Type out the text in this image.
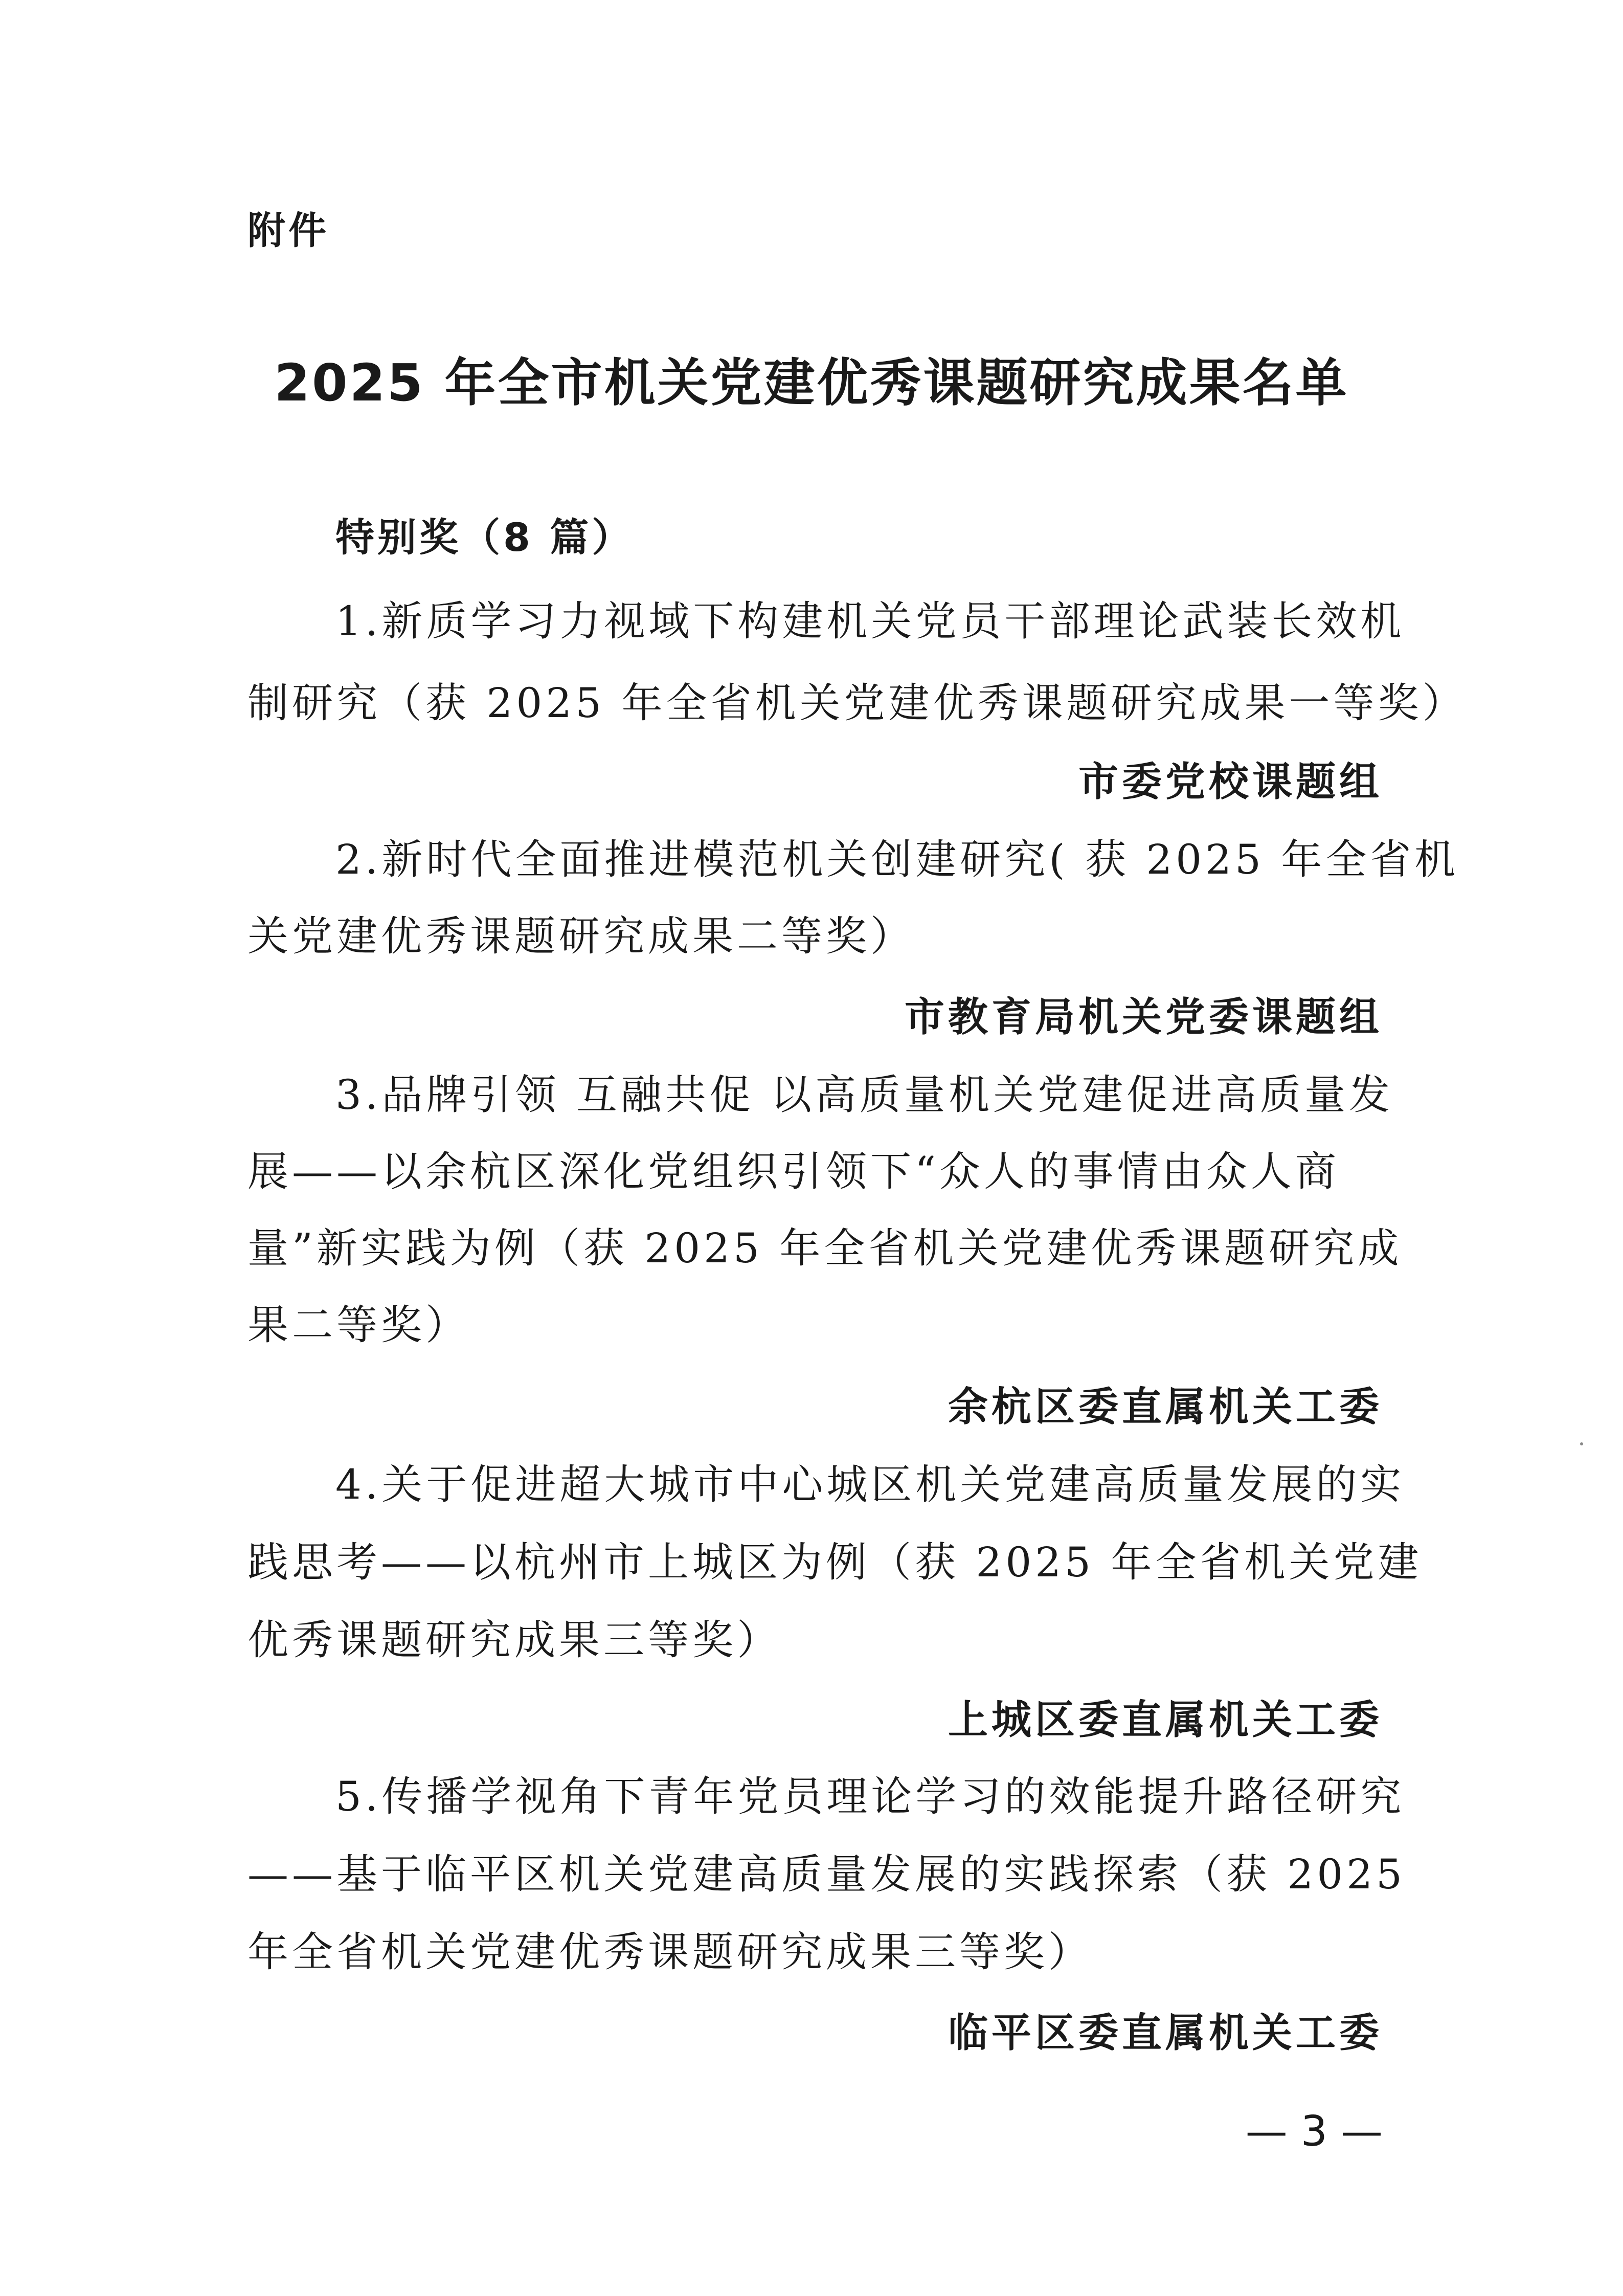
附件
2025 年全市机关党建优秀课题研究成果名单
特别奖（8 篇）
1.新质学习力视域下构建机关党员干部理论武装长效机
制研究（获 2025 年全省机关党建优秀课题研究成果一等奖）
市委党校课题组
2.新时代全面推进模范机关创建研究( 获 2025 年全省机
关党建优秀课题研究成果二等奖）
市教育局机关党委课题组
3.品牌引领 互融共促 以高质量机关党建促进高质量发
展——以余杭区深化党组织引领下“众人的事情由众人商
量”新实践为例（获 2025 年全省机关党建优秀课题研究成
果二等奖）
余杭区委直属机关工委
4.关于促进超大城市中心城区机关党建高质量发展的实
践思考——以杭州市上城区为例（获 2025 年全省机关党建
优秀课题研究成果三等奖）
上城区委直属机关工委
5.传播学视角下青年党员理论学习的效能提升路径研究
——基于临平区机关党建高质量发展的实践探索（获 2025
年全省机关党建优秀课题研究成果三等奖）
临平区委直属机关工委
— 3 —
